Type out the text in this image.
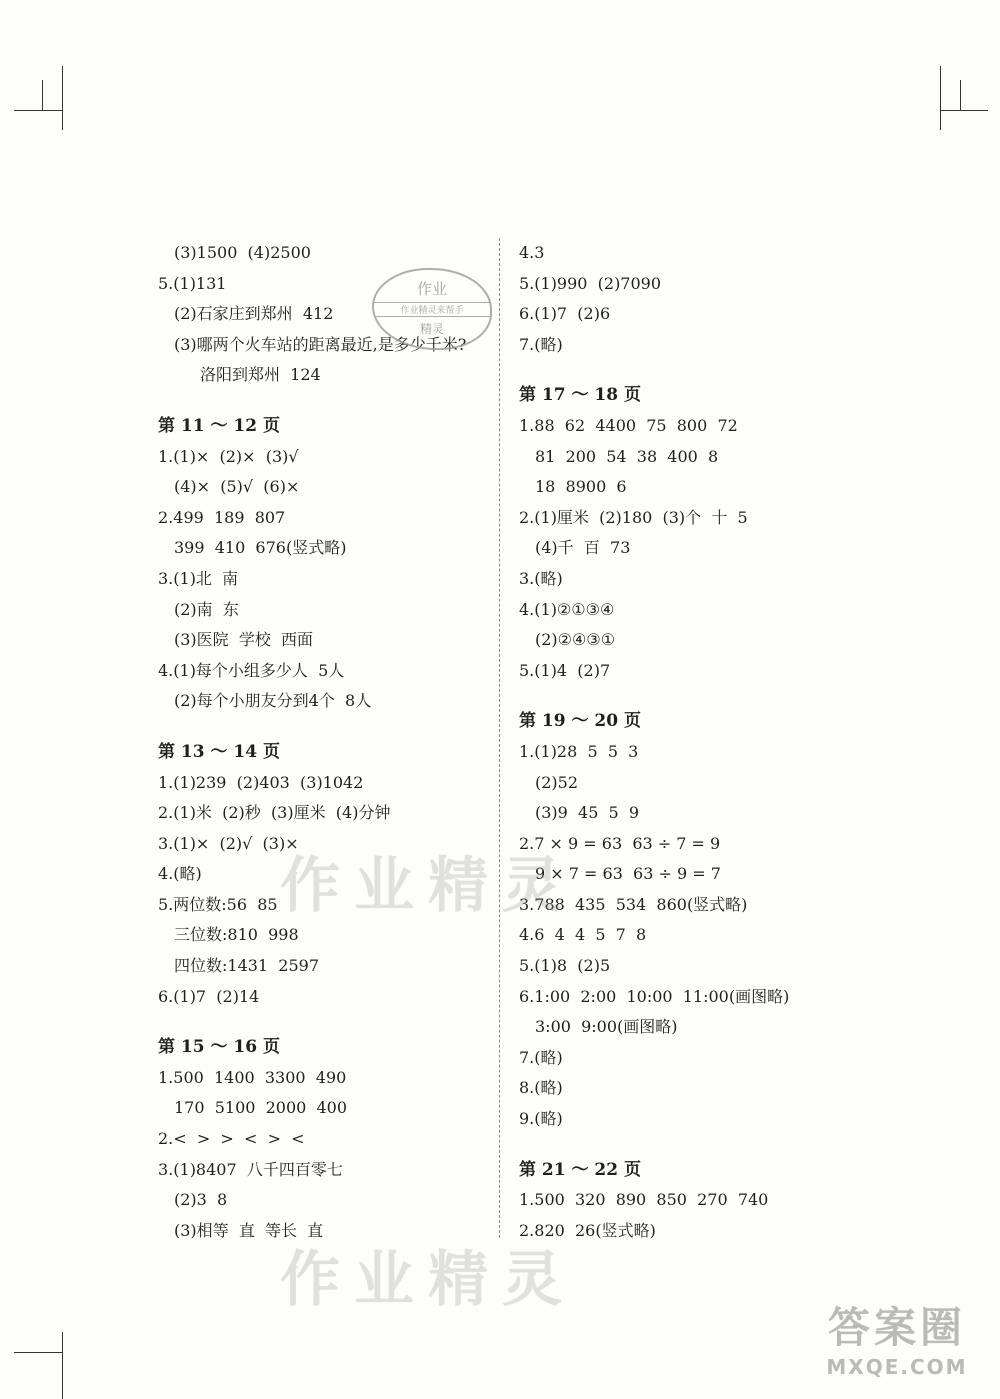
(3)1500  (4)2500
5.(1)131
(2)石家庄到郑州  412
(3)哪两个火车站的距离最近,是多少千米?
洛阳到郑州  124
第 11 ～ 12 页
1.(1)×  (2)×  (3)√
(4)×  (5)√  (6)×
2.499  189  807
399  410  676(竖式略)
3.(1)北  南
(2)南  东
(3)医院  学校  西面
4.(1)每个小组多少人  5人
(2)每个小朋友分到4个  8人
第 13 ～ 14 页
1.(1)239  (2)403  (3)1042
2.(1)米  (2)秒  (3)厘米  (4)分钟
3.(1)×  (2)√  (3)×
4.(略)
5.两位数:56  85
三位数:810  998
四位数:1431  2597
6.(1)7  (2)14
第 15 ～ 16 页
1.500  1400  3300  490
170  5100  2000  400
2.<  >  >  <  >  <
3.(1)8407  八千四百零七
(2)3  8
(3)相等  直  等长  直
4.3
5.(1)990  (2)7090
6.(1)7  (2)6
7.(略)
第 17 ～ 18 页
1.88  62  4400  75  800  72
81  200  54  38  400  8
18  8900  6
2.(1)厘米  (2)180  (3)个  十  5
(4)千  百  73
3.(略)
4.(1)②①③④
(2)②④③①
5.(1)4  (2)7
第 19 ～ 20 页
1.(1)28  5  5  3
(2)52
(3)9  45  5  9
2.7 × 9 = 63  63 ÷ 7 = 9
9 × 7 = 63  63 ÷ 9 = 7
3.788  435  534  860(竖式略)
4.6  4  4  5  7  8
5.(1)8  (2)5
6.1:00  2:00  10:00  11:00(画图略)
3:00  9:00(画图略)
7.(略)
8.(略)
9.(略)
第 21 ～ 22 页
1.500  320  890  850  270  740
2.820  26(竖式略)
作业
作业精灵来帮手
精灵
作业精灵
作业精灵
答案圈
MXQE.COM
